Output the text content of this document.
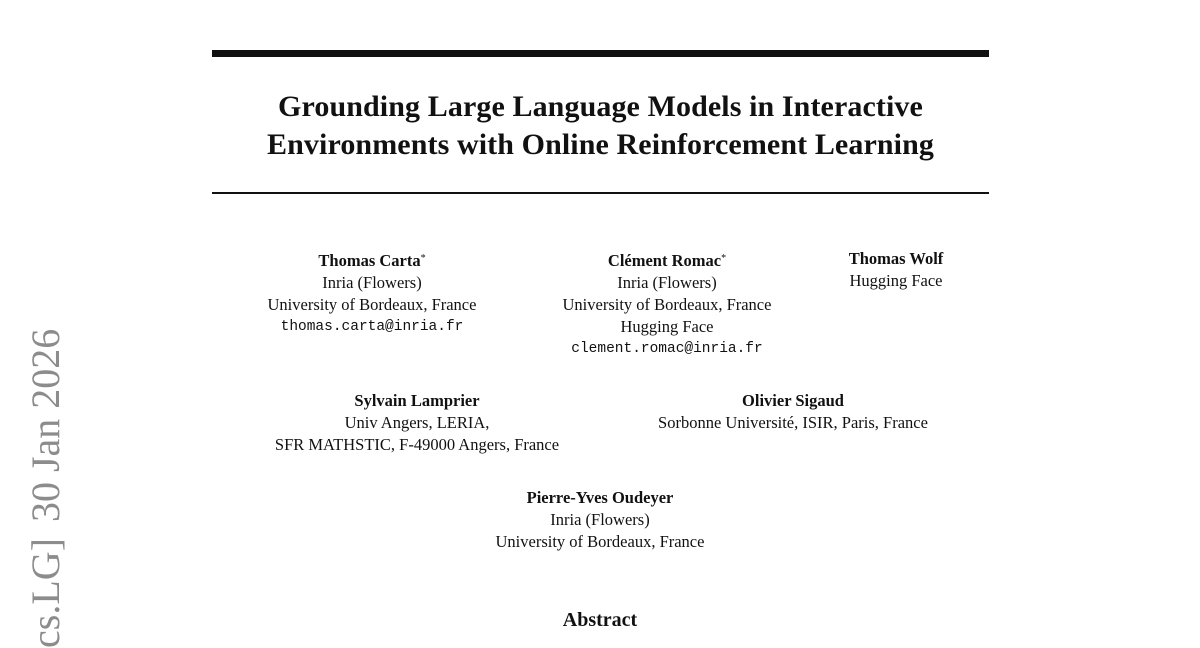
Grounding Large Language Models in Interactive
Environments with Online Reinforcement Learning
Thomas Carta*
Inria (Flowers)
University of Bordeaux, France
thomas.carta@inria.fr
Clément Romac*
Inria (Flowers)
University of Bordeaux, France
Hugging Face
clement.romac@inria.fr
Thomas Wolf
Hugging Face
Sylvain Lamprier
Univ Angers, LERIA,
SFR MATHSTIC, F-49000 Angers, France
Olivier Sigaud
Sorbonne Université, ISIR, Paris, France
Pierre-Yves Oudeyer
Inria (Flowers)
University of Bordeaux, France
Abstract
cs.LG]30 Jan 2026
